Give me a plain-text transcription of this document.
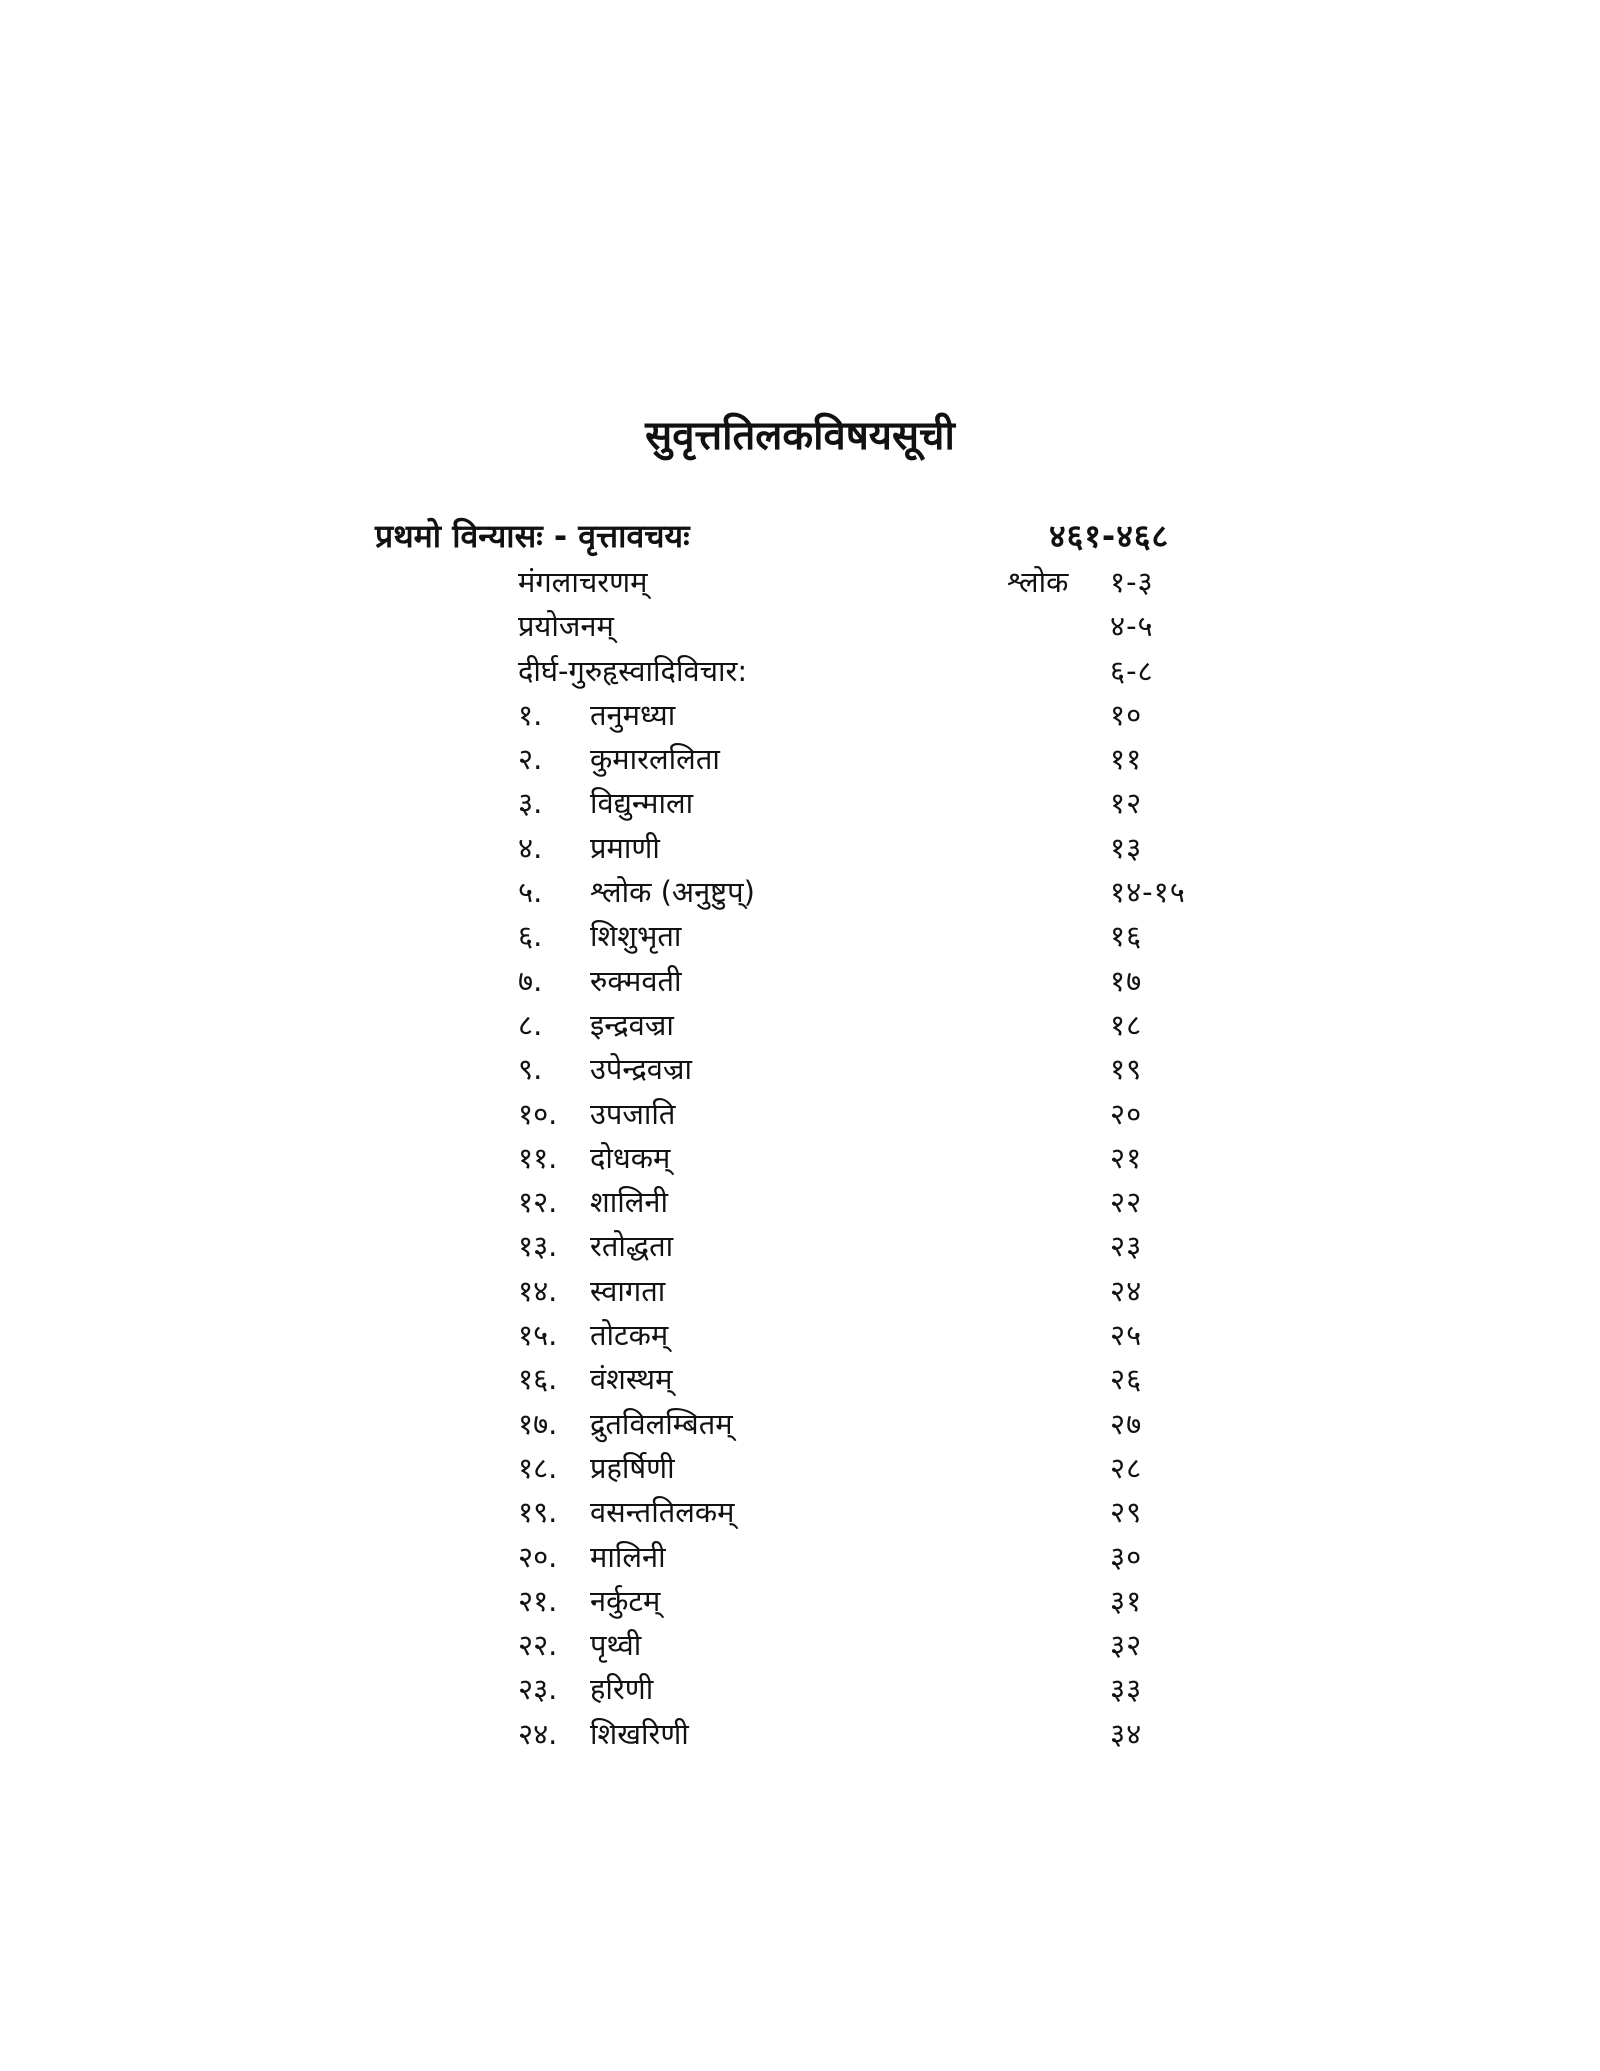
सुवृत्ततिलकविषयसूची
प्रथमो विन्यासः - वृत्तावचयः	४६१-४६८
मंगलाचरणम्	श्लोक १-३
प्रयोजनम्	४-५
दीर्घ-गुरुहृस्वादिविचार:	६-८
१. तनुमध्या	१०
२. कुमारललिता	११
३. विद्युन्माला	१२
४. प्रमाणी	१३
५. श्लोक (अनुष्टुप्)	१४-१५
६. शिशुभृता	१६
७. रुक्मवती	१७
८. इन्द्रवज्रा	१८
९. उपेन्द्रवज्रा	१९
१०. उपजाति	२०
११. दोधकम्	२१
१२. शालिनी	२२
१३. रतोद्धता	२३
१४. स्वागता	२४
१५. तोटकम्	२५
१६. वंशस्थम्	२६
१७. द्रुतविलम्बितम्	२७
१८. प्रहर्षिणी	२८
१९. वसन्ततिलकम्	२९
२०. मालिनी	३०
२१. नर्कुटम्	३१
२२. पृथ्वी	३२
२३. हरिणी	३३
२४. शिखरिणी	३४
